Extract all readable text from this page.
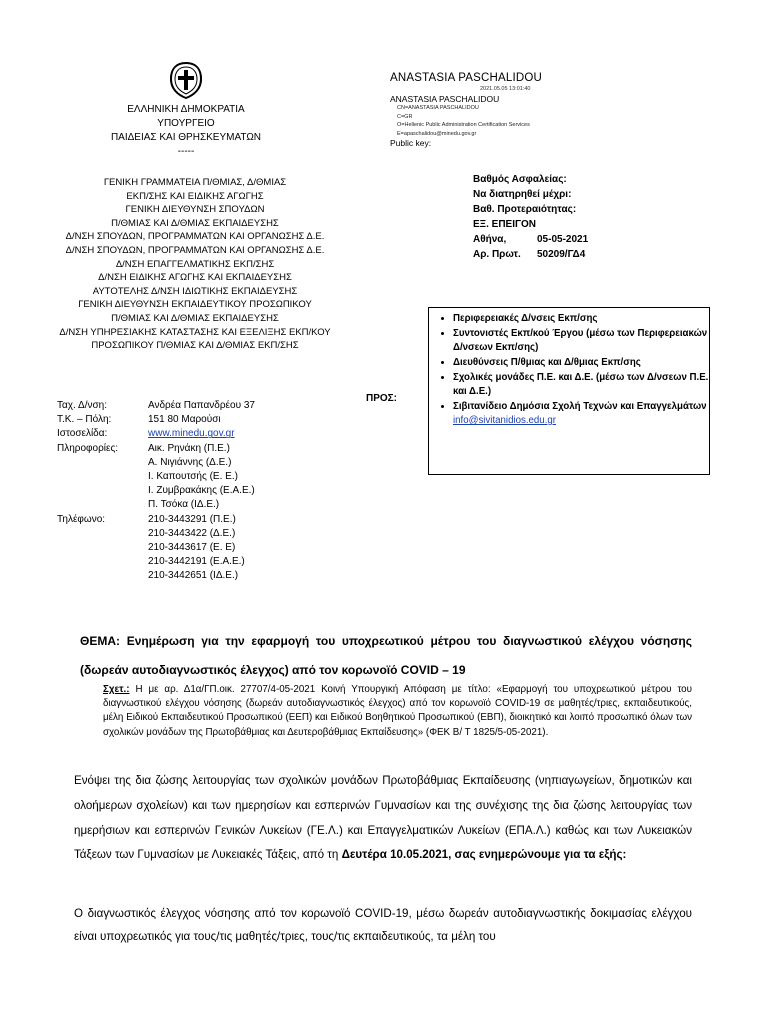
ΕΛΛΗΝΙΚΗ ΔΗΜΟΚΡΑΤΙΑ
ΥΠΟΥΡΓΕΙΟ
ΠΑΙΔΕΙΑΣ ΚΑΙ ΘΡΗΣΚΕΥΜΑΤΩΝ
-----
ΓΕΝΙΚΗ ΓΡΑΜΜΑΤΕΙΑ Π/ΘΜΙΑΣ, Δ/ΘΜΙΑΣ
ΕΚΠ/ΣΗΣ ΚΑΙ ΕΙΔΙΚΗΣ ΑΓΩΓΗΣ
ΓΕΝΙΚΗ ΔΙΕΥΘΥΝΣΗ ΣΠΟΥΔΩΝ
Π/ΘΜΙΑΣ ΚΑΙ Δ/ΘΜΙΑΣ ΕΚΠΑΙΔΕΥΣΗΣ
Δ/ΝΣΗ ΣΠΟΥΔΩΝ, ΠΡΟΓΡΑΜΜΑΤΩΝ ΚΑΙ ΟΡΓΑΝΩΣΗΣ Δ.Ε.
Δ/ΝΣΗ ΣΠΟΥΔΩΝ, ΠΡΟΓΡΑΜΜΑΤΩΝ ΚΑΙ ΟΡΓΑΝΩΣΗΣ Δ.Ε.
Δ/ΝΣΗ ΕΠΑΓΓΕΛΜΑΤΙΚΗΣ ΕΚΠ/ΣΗΣ
Δ/ΝΣΗ ΕΙΔΙΚΗΣ ΑΓΩΓΗΣ ΚΑΙ ΕΚΠΑΙΔΕΥΣΗΣ
ΑΥΤΟΤΕΛΗΣ Δ/ΝΣΗ ΙΔΙΩΤΙΚΗΣ ΕΚΠΑΙΔΕΥΣΗΣ
ΓΕΝΙΚΗ ΔΙΕΥΘΥΝΣΗ ΕΚΠΑΙΔΕΥΤΙΚΟΥ ΠΡΟΣΩΠΙΚΟΥ
Π/ΘΜΙΑΣ ΚΑΙ Δ/ΘΜΙΑΣ ΕΚΠΑΙΔΕΥΣΗΣ
Δ/ΝΣΗ ΥΠΗΡΕΣΙΑΚΗΣ ΚΑΤΑΣΤΑΣΗΣ ΚΑΙ ΕΞΕΛΙΞΗΣ ΕΚΠ/ΚΟΥ
ΠΡΟΣΩΠΙΚΟΥ Π/ΘΜΙΑΣ ΚΑΙ Δ/ΘΜΙΑΣ ΕΚΠ/ΣΗΣ
ANASTASIA PASCHALIDOU
2021.05.05 13:01:40
ANASTASIA PASCHALIDOU
CN=ANASTASIA PASCHALIDOU
C=GR
O=Hellenic Public Administration Certification Services
E=apaschalidou@minedu.gov.gr
Public key:
Βαθμός Ασφαλείας:
Να διατηρηθεί μέχρι:
Βαθ. Προτεραιότητας:
ΕΞ. ΕΠΕΙΓΟΝ
Αθήνα,	05-05-2021
Αρ. Πρωτ.	50209/ΓΔ4
ΠΡΟΣ:
• Περιφερειακές Δ/νσεις Εκπ/σης
• Συντονιστές Εκπ/κού Έργου (μέσω των Περιφερειακών Δ/νσεων Εκπ/σης)
• Διευθύνσεις Π/θμιας και Δ/θμιας Εκπ/σης
• Σχολικές μονάδες Π.Ε. και Δ.Ε. (μέσω των Δ/νσεων Π.Ε. και Δ.Ε.)
• Σιβιτανίδειο Δημόσια Σχολή Τεχνών και Επαγγελμάτων
info@sivitanidios.edu.gr
Ταχ. Δ/νση:	Ανδρέα Παπανδρέου 37
Τ.Κ. – Πόλη:	151 80 Μαρούσι
Ιστοσελίδα:	www.minedu.gov.gr
Πληροφορίες:	Αικ. Ρηνάκη (Π.Ε.)
Α. Νιγιάννης (Δ.Ε.)
Ι. Καπουτσής (Ε. Ε.)
Ι. Ζυμβρακάκης (Ε.Α.Ε.)
Π. Τσόκα (ΙΔ.Ε.)
Τηλέφωνο:	210-3443291 (Π.Ε.)
210-3443422 (Δ.Ε.)
210-3443617 (Ε. Ε)
210-3442191 (Ε.Α.Ε.)
210-3442651 (ΙΔ.Ε.)
ΘΕΜΑ: Ενημέρωση για την εφαρμογή του υποχρεωτικού μέτρου του διαγνωστικού ελέγχου νόσησης (δωρεάν αυτοδιαγνωστικός έλεγχος) από τον κορωνοϊό COVID – 19
Σχετ.: Η με αρ. Δ1α/ΓΠ.οικ. 27707/4-05-2021 Κοινή Υπουργική Απόφαση με τίτλο: «Εφαρμογή του υποχρεωτικού μέτρου του διαγνωστικού ελέγχου νόσησης (δωρεάν αυτοδιαγνωστικός έλεγχος) από τον κορωνοϊό COVID-19 σε μαθητές/τριες, εκπαιδευτικούς, μέλη Ειδικού Εκπαιδευτικού Προσωπικού (ΕΕΠ) και Ειδικού Βοηθητικού Προσωπικού (ΕΒΠ), διοικητικό και λοιπό προσωπικό όλων των σχολικών μονάδων της Πρωτοβάθμιας και Δευτεροβάθμιας Εκπαίδευσης» (ΦΕΚ Β/ Τ 1825/5-05-2021).
Ενόψει της δια ζώσης λειτουργίας των σχολικών μονάδων Πρωτοβάθμιας Εκπαίδευσης (νηπιαγωγείων, δημοτικών και ολοήμερων σχολείων) και των ημερησίων και εσπερινών Γυμνασίων και της συνέχισης της δια ζώσης λειτουργίας των ημερήσιων και εσπερινών Γενικών Λυκείων (ΓΕ.Λ.) και Επαγγελματικών Λυκείων (ΕΠΑ.Λ.) καθώς και των Λυκειακών Τάξεων των Γυμνασίων με Λυκειακές Τάξεις, από τη Δευτέρα 10.05.2021, σας ενημερώνουμε για τα εξής:
Ο διαγνωστικός έλεγχος νόσησης από τον κορωνοϊό COVID-19, μέσω δωρεάν αυτοδιαγνωστικής δοκιμασίας ελέγχου είναι υποχρεωτικός για τους/τις μαθητές/τριες, τους/τις εκπαιδευτικούς, τα μέλη του
